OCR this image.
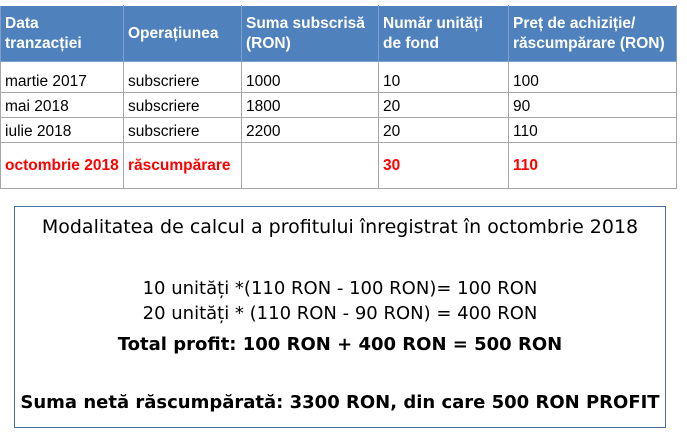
Data tranzacției	Operațiunea	Suma subscrisă (RON)	Număr unități de fond	Preț de achiziție/ răscumpărare (RON)
martie 2017	subscriere	1000	10	100
mai 2018	subscriere	1800	20	90
iulie 2018	subscriere	2200	20	110
octombrie 2018	răscumpărare		30	110
Modalitatea de calcul a profitului înregistrat în octombrie 2018
10 unități *(110 RON - 100 RON)= 100 RON
20 unități * (110 RON - 90 RON) = 400 RON
Total profit: 100 RON + 400 RON = 500 RON
Suma netă răscumpărată: 3300 RON, din care 500 RON PROFIT
